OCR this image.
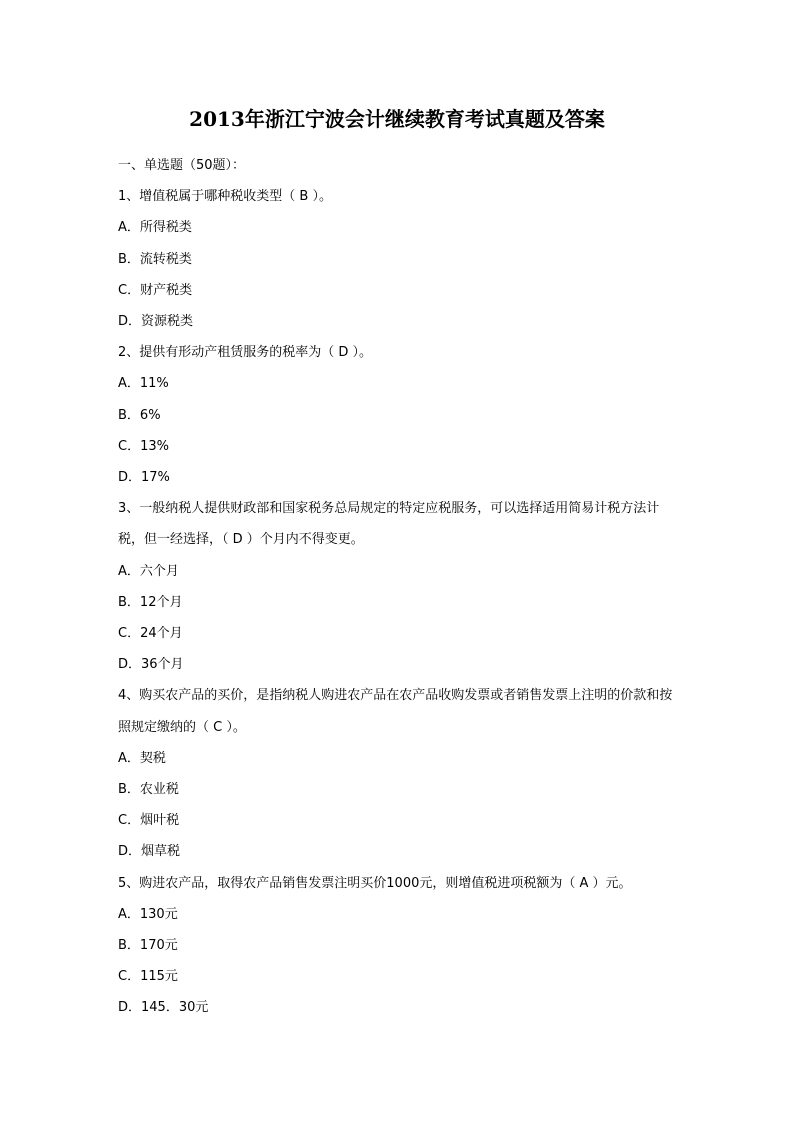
2013年浙江宁波会计继续教育考试真题及答案

一、单选题（50题）：

1、增值税属于哪种税收类型（ B ）。

A．所得税类

B．流转税类

C．财产税类

D．资源税类

2、提供有形动产租赁服务的税率为（ D ）。

A．11%

B．6%

C．13%

D．17%

3、一般纳税人提供财政部和国家税务总局规定的特定应税服务，可以选择适用简易计税方法计税，但一经选择，（ D ）个月内不得变更。

A．六个月

B．12个月

C．24个月

D．36个月

4、购买农产品的买价，是指纳税人购进农产品在农产品收购发票或者销售发票上注明的价款和按照规定缴纳的（ C ）。

A．契税

B．农业税

C．烟叶税

D．烟草税

5、购进农产品，取得农产品销售发票注明买价1000元，则增值税进项税额为（ A ）元。

A．130元

B．170元

C．115元

D．145．30元
